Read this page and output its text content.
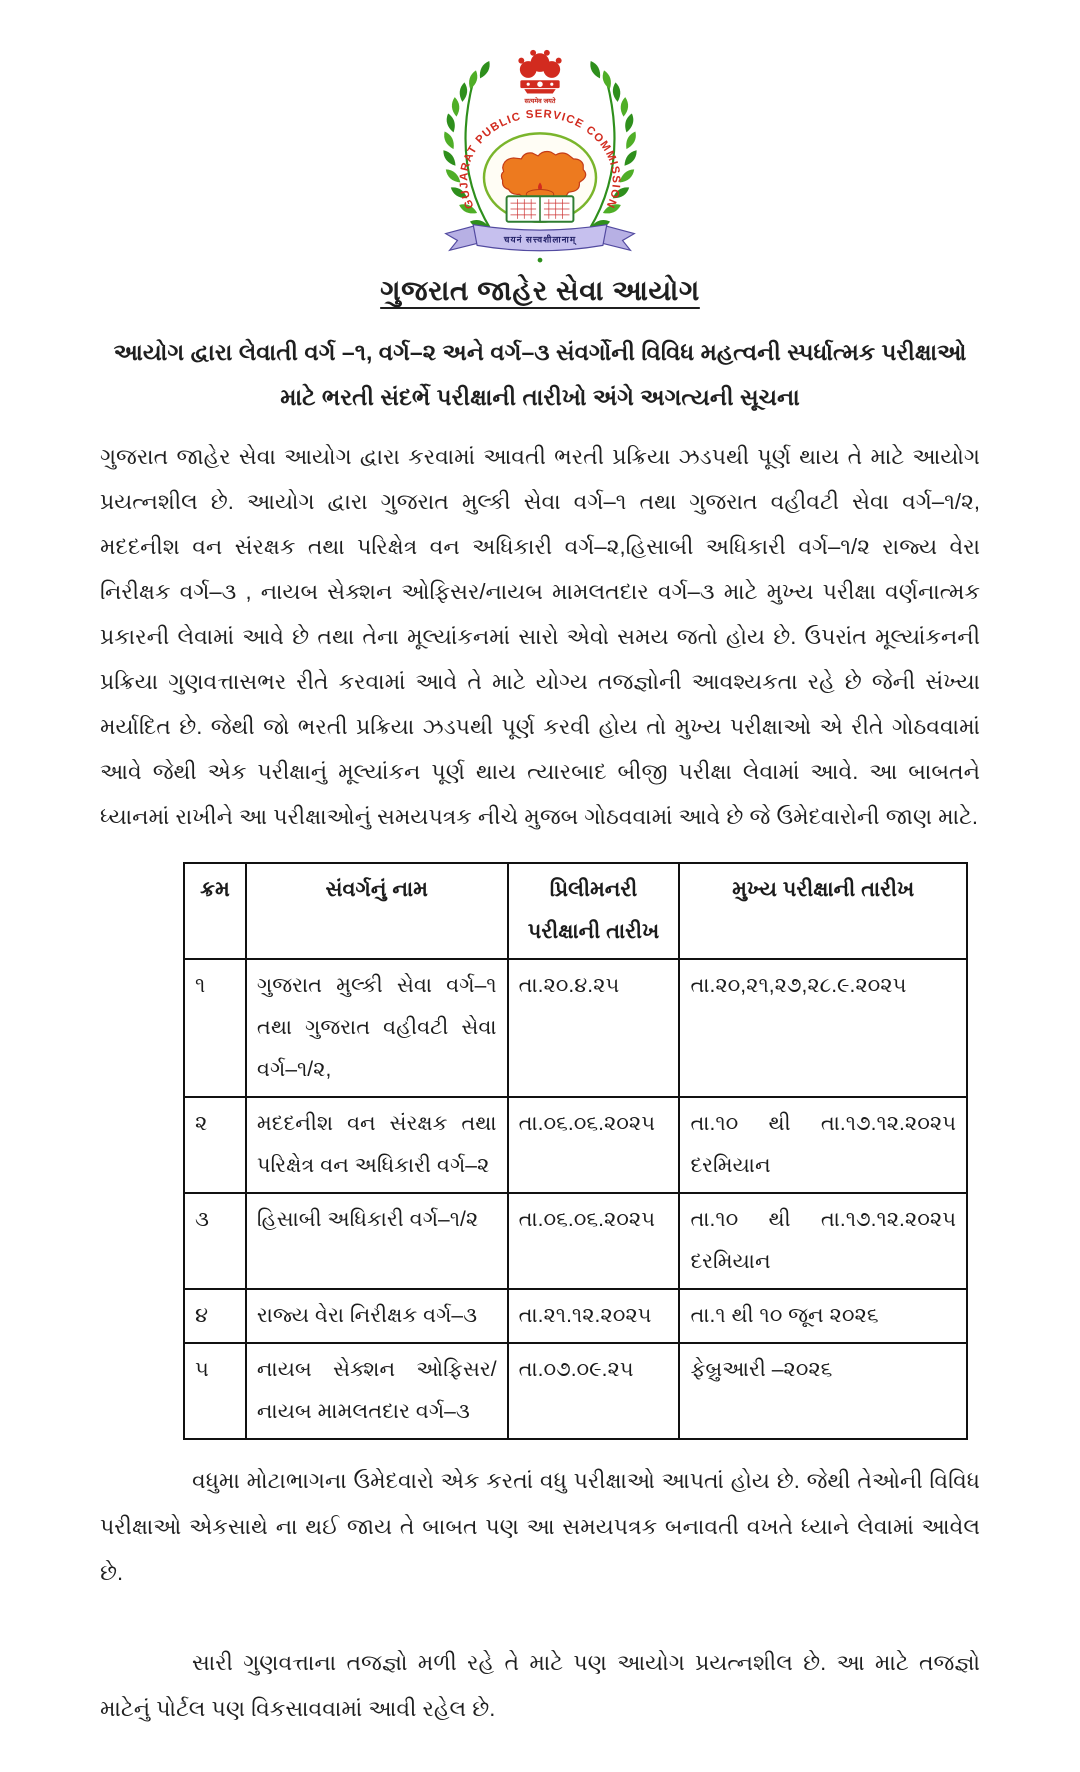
सत्यमेव जयते
GUJARAT PUBLIC SERVICE COMMISSION
चयनं सत्त्वशीलानाम्
ગુજરાત જાહેર સેવા આયોગ
આયોગ દ્વારા લેવાતી વર્ગ –૧, વર્ગ–૨ અને વર્ગ–૩ સંવર્ગોની વિવિધ મહત્વની સ્પર્ધાત્મક પરીક્ષાઓ માટે ભરતી સંદર્ભે પરીક્ષાની તારીખો અંગે અગત્યની સૂચના

ગુજરાત જાહેર સેવા આયોગ દ્વારા કરવામાં આવતી ભરતી પ્રક્રિયા ઝડપથી પૂર્ણ થાય તે માટે આયોગ પ્રયત્નશીલ છે. આયોગ દ્વારા ગુજરાત મુલ્કી સેવા વર્ગ–૧ તથા ગુજરાત વહીવટી સેવા વર્ગ–૧/૨, મદદનીશ વન સંરક્ષક તથા પરિક્ષેત્ર વન અધિકારી વર્ગ–૨,હિસાબી અધિકારી વર્ગ–૧/૨ રાજ્ય વેરા નિરીક્ષક વર્ગ–૩ , નાયબ સેક્શન ઓફિસર/નાયબ મામલતદાર વર્ગ–૩ માટે મુખ્ય પરીક્ષા વર્ણનાત્મક પ્રકારની લેવામાં આવે છે તથા તેના મૂલ્યાંકનમાં સારો એવો સમય જતો હોય છે. ઉપરાંત મૂલ્યાંકનની પ્રક્રિયા ગુણવત્તાસભર રીતે કરવામાં આવે તે માટે યોગ્ય તજજ્ઞોની આવશ્યકતા રહે છે જેની સંખ્યા મર્યાદિત છે. જેથી જો ભરતી પ્રક્રિયા ઝડપથી પૂર્ણ કરવી હોય તો મુખ્ય પરીક્ષાઓ એ રીતે ગોઠવવામાં આવે જેથી એક પરીક્ષાનું મૂલ્યાંકન પૂર્ણ થાય ત્યારબાદ બીજી પરીક્ષા લેવામાં આવે. આ બાબતને ધ્યાનમાં રાખીને આ પરીક્ષાઓનું સમયપત્રક નીચે મુજબ ગોઠવવામાં આવે છે જે ઉમેદવારોની જાણ માટે.

ક્રમ	સંવર્ગનું નામ	પ્રિલીમનરી પરીક્ષાની તારીખ	મુખ્ય પરીક્ષાની તારીખ
૧	ગુજરાત મુલ્કી સેવા વર્ગ–૧ તથા ગુજરાત વહીવટી સેવા વર્ગ–૧/૨,	તા.૨૦.૪.૨૫	તા.૨૦,૨૧,૨૭,૨૮.૯.૨૦૨૫
૨	મદદનીશ વન સંરક્ષક તથા પરિક્ષેત્ર વન અધિકારી વર્ગ–૨	તા.૦૬.૦૬.૨૦૨૫	તા.૧૦ થી તા.૧૭.૧૨.૨૦૨૫ દરમિયાન
૩	હિસાબી અધિકારી વર્ગ–૧/૨	તા.૦૬.૦૬.૨૦૨૫	તા.૧૦ થી તા.૧૭.૧૨.૨૦૨૫ દરમિયાન
૪	રાજ્ય વેરા નિરીક્ષક વર્ગ–૩	તા.૨૧.૧૨.૨૦૨૫	તા.૧ થી ૧૦ જૂન ૨૦૨૬
૫	નાયબ સેક્શન ઓફિસર/નાયબ મામલતદાર વર્ગ–૩	તા.૦૭.૦૯.૨૫	ફેબ્રુઆરી –૨૦૨૬

વધુમા મોટાભાગના ઉમેદવારો એક કરતાં વધુ પરીક્ષાઓ આપતાં હોય છે. જેથી તેઓની વિવિધ પરીક્ષાઓ એકસાથે ના થઈ જાય તે બાબત પણ આ સમયપત્રક બનાવતી વખતે ધ્યાને લેવામાં આવેલ છે.

સારી ગુણવત્તાના તજજ્ઞો મળી રહે તે માટે પણ આયોગ પ્રયત્નશીલ છે. આ માટે તજજ્ઞો માટેનું પોર્ટલ પણ વિકસાવવામાં આવી રહેલ છે.
